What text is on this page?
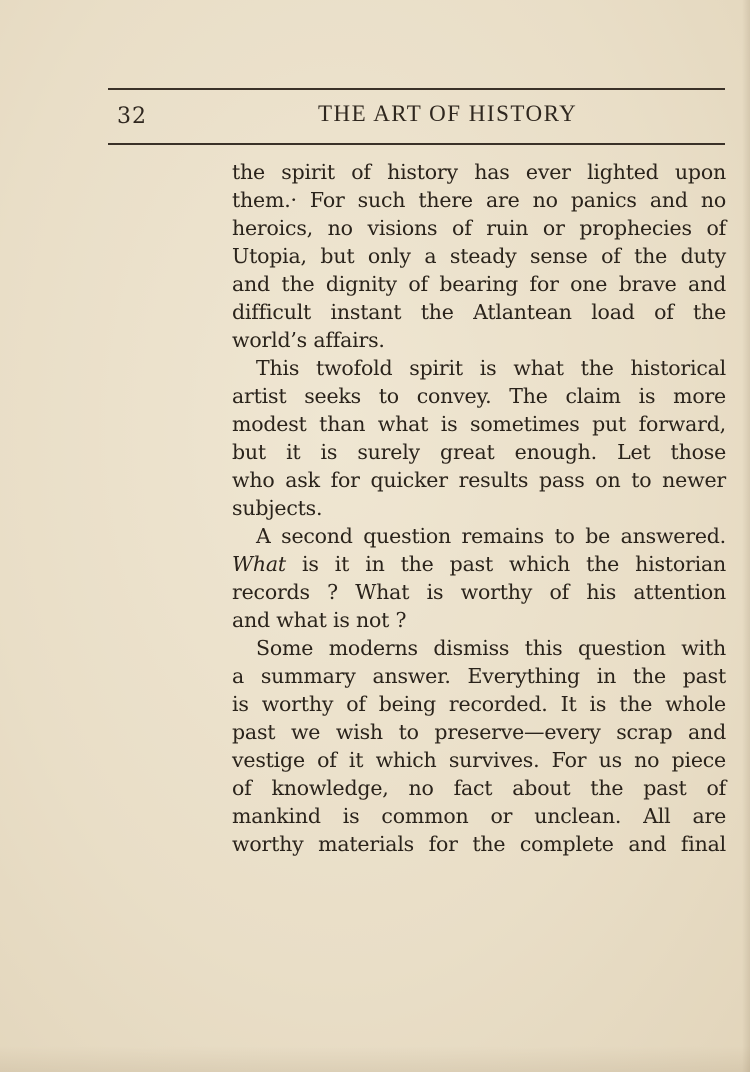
32	THE ART OF HISTORY
the spirit of history has ever lighted upon
them.· For such there are no panics and no
heroics, no visions of ruin or prophecies of
Utopia, but only a steady sense of the duty
and the dignity of bearing for one brave and
difficult instant the Atlantean load of the
world’s affairs.
This twofold spirit is what the historical
artist seeks to convey. The claim is more
modest than what is sometimes put forward,
but it is surely great enough. Let those
who ask for quicker results pass on to newer
subjects.
A second question remains to be answered.
What is it in the past which the historian
records ? What is worthy of his attention
and what is not ?
Some moderns dismiss this question with
a summary answer. Everything in the past
is worthy of being recorded. It is the whole
past we wish to preserve—every scrap and
vestige of it which survives. For us no piece
of knowledge, no fact about the past of
mankind is common or unclean. All are
worthy materials for the complete and final
